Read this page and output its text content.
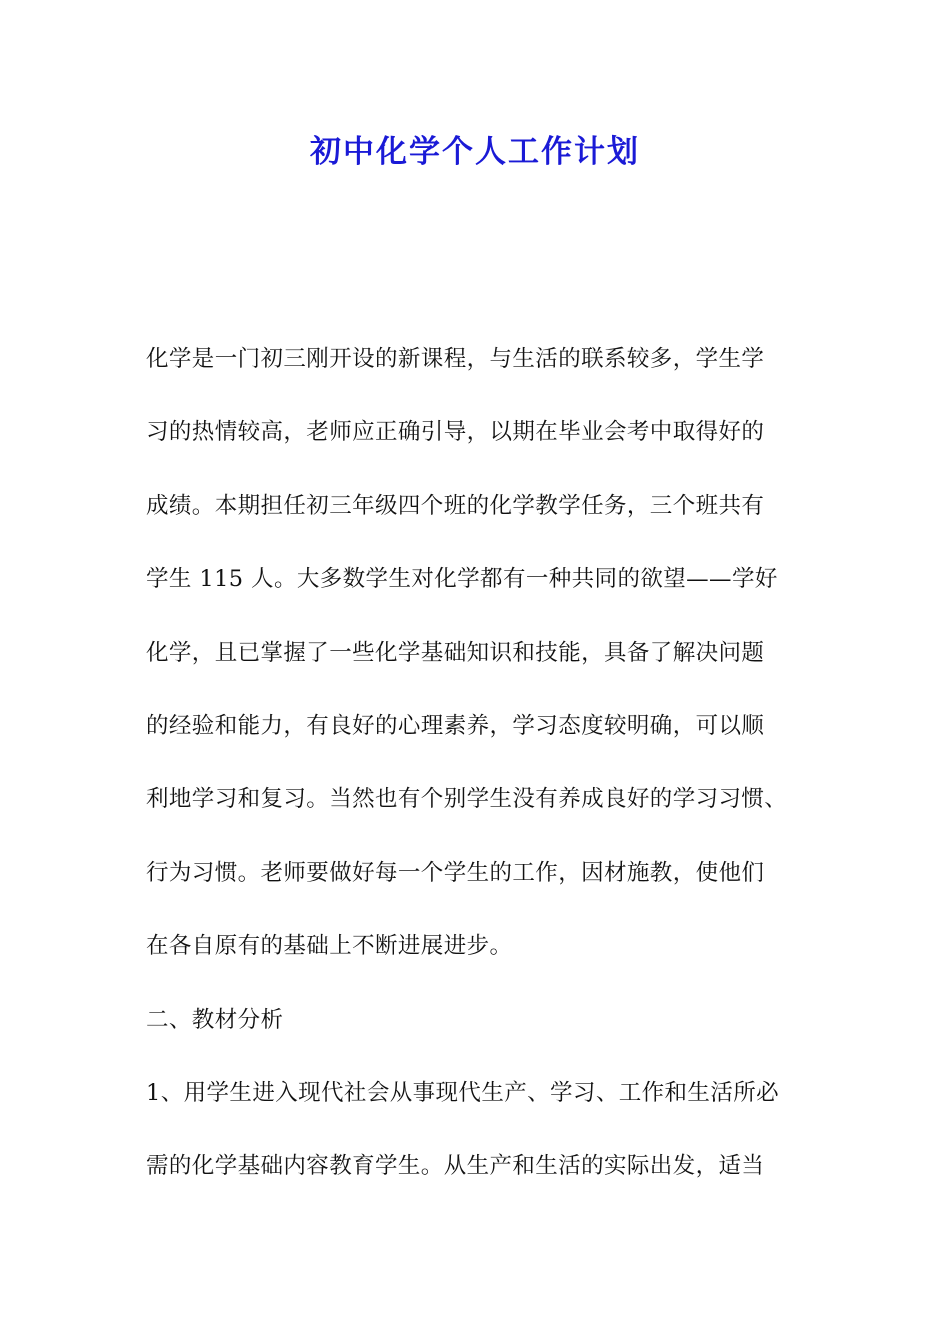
初中化学个人工作计划
化学是一门初三刚开设的新课程，与生活的联系较多，学生学
习的热情较高，老师应正确引导，以期在毕业会考中取得好的
成绩。本期担任初三年级四个班的化学教学任务，三个班共有
学生 115 人。大多数学生对化学都有一种共同的欲望——学好
化学，且已掌握了一些化学基础知识和技能，具备了解决问题
的经验和能力，有良好的心理素养，学习态度较明确，可以顺
利地学习和复习。当然也有个别学生没有养成良好的学习习惯、
行为习惯。老师要做好每一个学生的工作，因材施教，使他们
在各自原有的基础上不断进展进步。
二、教材分析
1、用学生进入现代社会从事现代生产、学习、工作和生活所必
需的化学基础内容教育学生。从生产和生活的实际出发，适当
